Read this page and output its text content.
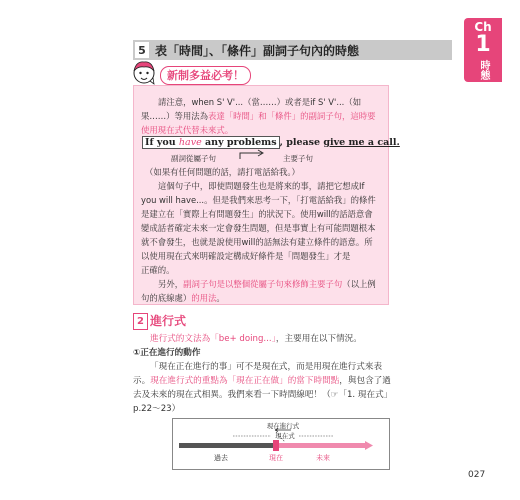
Ch
1
時態
5 表「時間」、「條件」副詞子句內的時態
新制多益必考！
請注意，when S' V'...（當……）或者是if S' V'...（如
果……）等用法為表達「時間」和「條件」的副詞子句，這時要
使用現在式代替未來式。
If you have any problems , please give me a call.
副詞從屬子句	主要子句
（如果有任何問題的話，請打電話給我。）
這個句子中，即使問題發生也是將來的事，請把它想成If
you will have...。但是我們來思考一下，「打電話給我」的條件
是建立在「實際上有問題發生」的狀況下。使用will的話語意會
變成話者確定未來一定會發生問題，但是事實上有可能問題根本
就不會發生，也就是說使用will的話無法有建立條件的語意。所
以使用現在式來明確設定構成好條件是「問題發生」才是
正確的。
另外，副詞子句是以整個從屬子句來修飾主要子句（以上例
句的底線處）的用法。
2 進行式
進行式的文法為「be+ doing...」，主要用在以下情況。
①正在進行的動作
「現在正在進行的事」可不是現在式，而是用現在進行式來表
示。現在進行式的重點為「現在正在做」的當下時間點，與包含了過
去及未來的現在式相異。我們來看一下時間線吧！（☞「1. 現在式」
p.22～23）
現在進行式
現在式
過去	現在	未來
027
